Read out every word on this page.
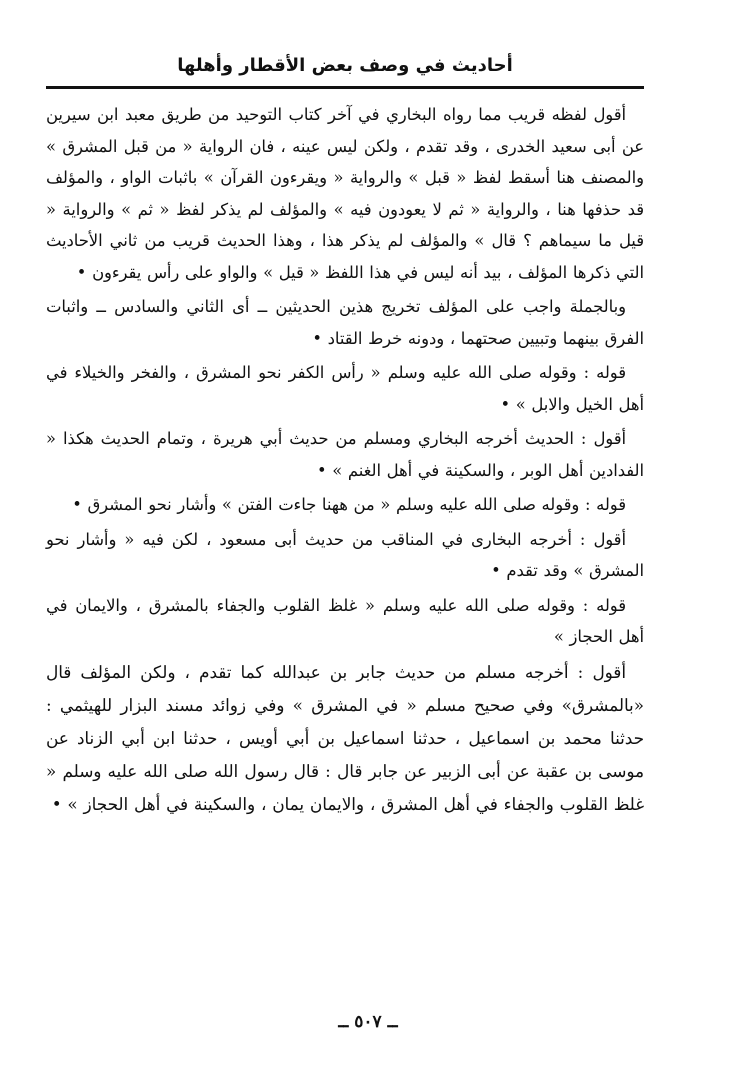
أحاديث في وصف بعض الأقطار وأهلها

أقول لفظه قريب مما رواه البخاري في آخر كتاب التوحيد من طريق معبد ابن سيرين عن أبى سعيد الخدرى ، وقد تقدم ، ولكن ليس عينه ، فان الرواية « من قبل المشرق » والمصنف هنا أسقط لفظ « قبل » والرواية « ويقرءون القرآن » باثبات الواو ، والمؤلف قد حذفها هنا ، والرواية « ثم لا يعودون فيه » والمؤلف لم يذكر لفظ « ثم » والرواية « قيل ما سيماهم ؟ قال » والمؤلف لم يذكر هذا ، وهذا الحديث قريب من ثاني الأحاديث التي ذكرها المؤلف ، بيد أنه ليس في هذا اللفظ « قيل » والواو على رأس يقرءون •

وبالجملة واجب على المؤلف تخريج هذين الحديثين ــ أى الثاني والسادس ــ واثبات الفرق بينهما وتبيين صحتهما ، ودونه خرط القتاد •

قوله : وقوله صلى الله عليه وسلم « رأس الكفر نحو المشرق ، والفخر والخيلاء في أهل الخيل والابل » •

أقول : الحديث أخرجه البخاري ومسلم من حديث أبي هريرة ، وتمام الحديث هكذا « الفدادين أهل الوبر ، والسكينة في أهل الغنم » •

قوله : وقوله صلى الله عليه وسلم « من ههنا جاءت الفتن » وأشار نحو المشرق •

أقول : أخرجه البخارى في المناقب من حديث أبى مسعود ، لكن فيه « وأشار نحو المشرق » وقد تقدم •

قوله : وقوله صلى الله عليه وسلم « غلظ القلوب والجفاء بالمشرق ، والايمان في أهل الحجاز »

أقول : أخرجه مسلم من حديث جابر بن عبدالله كما تقدم ، ولكن المؤلف قال «بالمشرق» وفي صحيح مسلم « في المشرق » وفي زوائد مسند البزار للهيثمي : حدثنا محمد بن اسماعيل ، حدثنا اسماعيل بن أبي أويس ، حدثنا ابن أبي الزناد عن موسى بن عقبة عن أبى الزبير عن جابر قال : قال رسول الله صلى الله عليه وسلم « غلظ القلوب والجفاء في أهل المشرق ، والايمان يمان ، والسكينة في أهل الحجاز » •

ــ ٥٠٧ ــ
